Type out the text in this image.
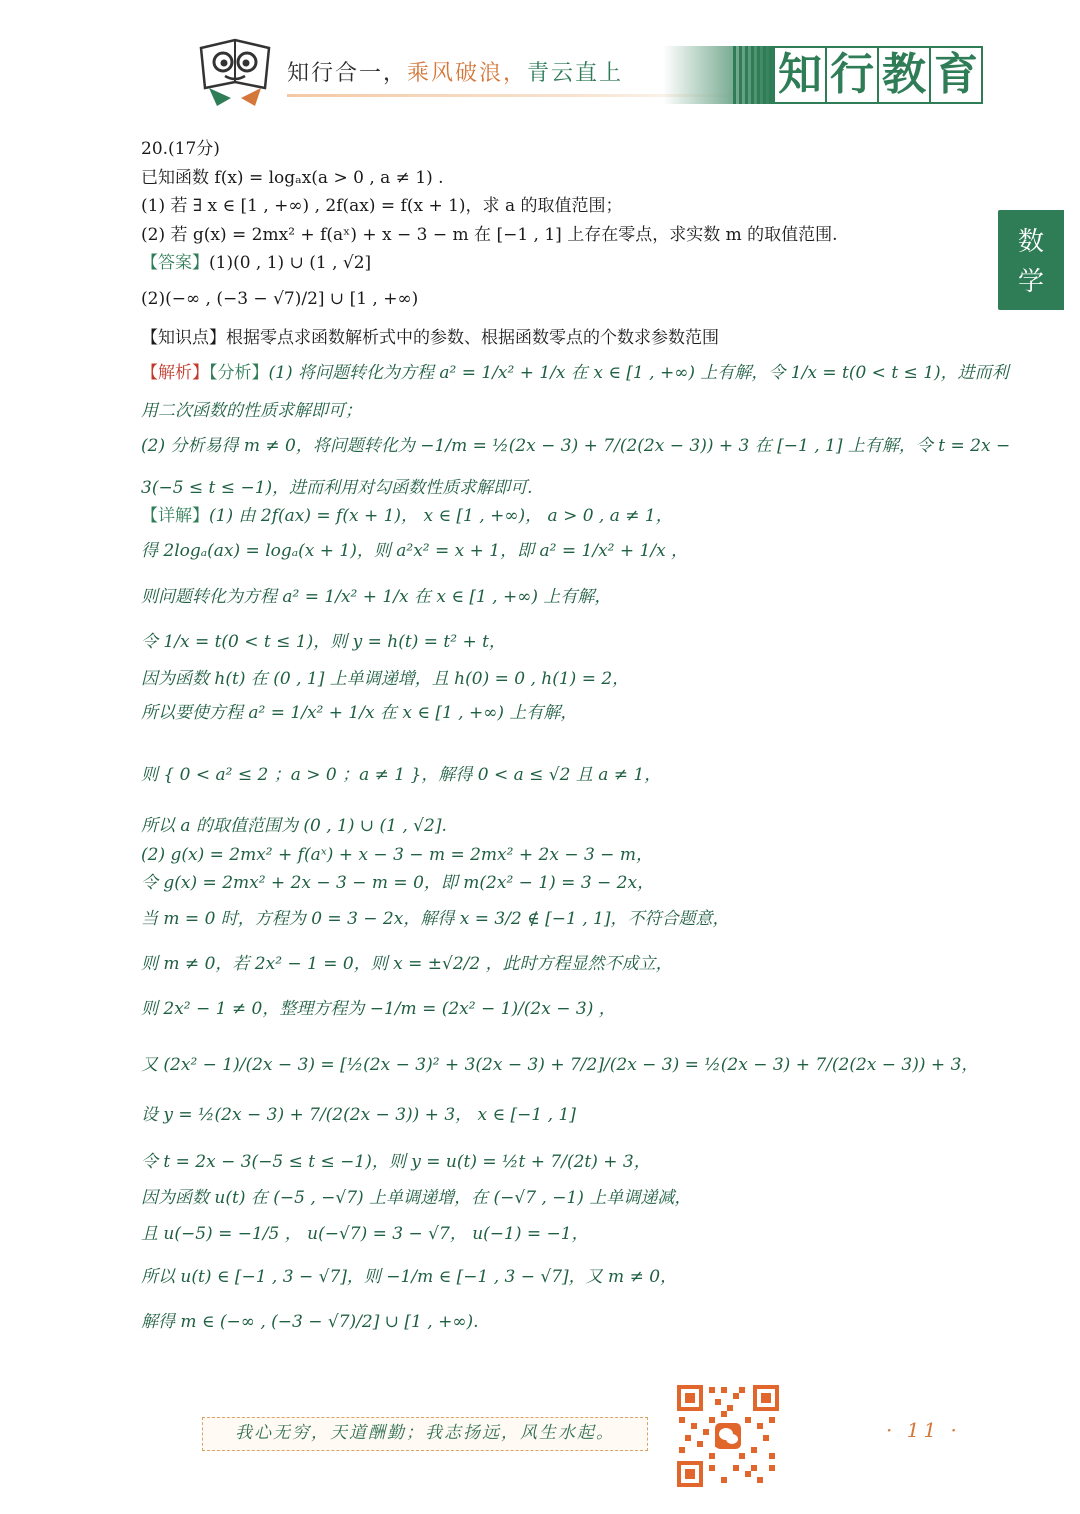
知行合一，乘风破浪，青云直上	知 行 教 育
数
学
20.(17分)
已知函数 f(x) = logₐx(a > 0 , a ≠ 1) .
(1) 若 ∃ x ∈ [1 , +∞) , 2f(ax) = f(x + 1)，求 a 的取值范围；
(2) 若 g(x) = 2mx² + f(aˣ) + x − 3 − m 在 [−1 , 1] 上存在零点，求实数 m 的取值范围.
【答案】(1)(0 , 1) ∪ (1 , √2]
(2)(−∞ , (−3 − √7)/2] ∪ [1 , +∞)
【知识点】根据零点求函数解析式中的参数、根据函数零点的个数求参数范围
【解析】【分析】(1) 将问题转化为方程 a² = 1/x² + 1/x 在 x ∈ [1 , +∞) 上有解，令 1/x = t(0 < t ≤ 1)，进而利
用二次函数的性质求解即可；
(2) 分析易得 m ≠ 0，将问题转化为 −1/m = ½(2x − 3) + 7/(2(2x − 3)) + 3 在 [−1 , 1] 上有解，令 t = 2x −
3(−5 ≤ t ≤ −1)，进而利用对勾函数性质求解即可.
【详解】(1) 由 2f(ax) = f(x + 1)， x ∈ [1 , +∞)， a > 0 , a ≠ 1，
得 2logₐ(ax) = logₐ(x + 1)，则 a²x² = x + 1，即 a² = 1/x² + 1/x ，
则问题转化为方程 a² = 1/x² + 1/x 在 x ∈ [1 , +∞) 上有解，
令 1/x = t(0 < t ≤ 1)，则 y = h(t) = t² + t，
因为函数 h(t) 在 (0 , 1] 上单调递增，且 h(0) = 0 , h(1) = 2，
所以要使方程 a² = 1/x² + 1/x 在 x ∈ [1 , +∞) 上有解，
则 { 0 < a² ≤ 2 ；a > 0 ；a ≠ 1 }，解得 0 < a ≤ √2 且 a ≠ 1，
所以 a 的取值范围为 (0 , 1) ∪ (1 , √2].
(2) g(x) = 2mx² + f(aˣ) + x − 3 − m = 2mx² + 2x − 3 − m，
令 g(x) = 2mx² + 2x − 3 − m = 0，即 m(2x² − 1) = 3 − 2x，
当 m = 0 时，方程为 0 = 3 − 2x，解得 x = 3/2 ∉ [−1 , 1]，不符合题意，
则 m ≠ 0，若 2x² − 1 = 0，则 x = ±√2/2 ，此时方程显然不成立，
则 2x² − 1 ≠ 0，整理方程为 −1/m = (2x² − 1)/(2x − 3) ，
又 (2x² − 1)/(2x − 3) = [½(2x − 3)² + 3(2x − 3) + 7/2]/(2x − 3) = ½(2x − 3) + 7/(2(2x − 3)) + 3，
设 y = ½(2x − 3) + 7/(2(2x − 3)) + 3， x ∈ [−1 , 1]
令 t = 2x − 3(−5 ≤ t ≤ −1)，则 y = u(t) = ½t + 7/(2t) + 3，
因为函数 u(t) 在 (−5 , −√7) 上单调递增，在 (−√7 , −1) 上单调递减，
且 u(−5) = −1/5 ， u(−√7) = 3 − √7， u(−1) = −1，
所以 u(t) ∈ [−1 , 3 − √7]，则 −1/m ∈ [−1 , 3 − √7]，又 m ≠ 0，
解得 m ∈ (−∞ , (−3 − √7)/2] ∪ [1 , +∞).
我心无穷，天道酬勤；我志扬远，风生水起。	· 11 ·
